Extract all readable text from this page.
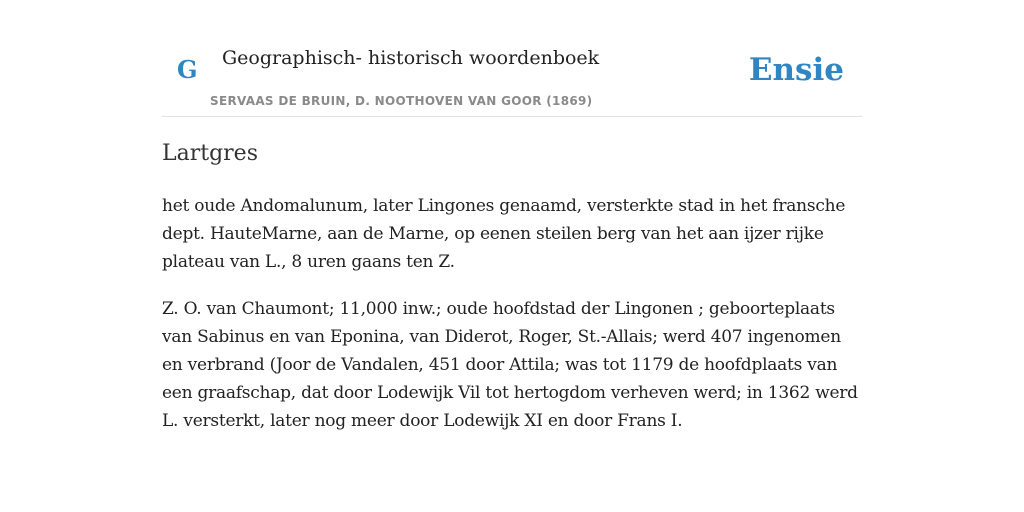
G Geographisch- historisch woordenboek
SERVAAS DE BRUIN, D. NOOTHOVEN VAN GOOR (1869)
Ensie
Lartgres

het oude Andomalunum, later Lingones genaamd, versterkte stad in het fransche dept. HauteMarne, aan de Marne, op eenen steilen berg van het aan ijzer rijke plateau van L., 8 uren gaans ten Z.

Z. O. van Chaumont; 11,000 inw.; oude hoofdstad der Lingonen ; geboorteplaats van Sabinus en van Eponina, van Diderot, Roger, St.-Allais; werd 407 ingenomen en verbrand (Joor de Vandalen, 451 door Attila; was tot 1179 de hoofdplaats van een graafschap, dat door Lodewijk Vil tot hertogdom verheven werd; in 1362 werd L. versterkt, later nog meer door Lodewijk XI en door Frans I.
